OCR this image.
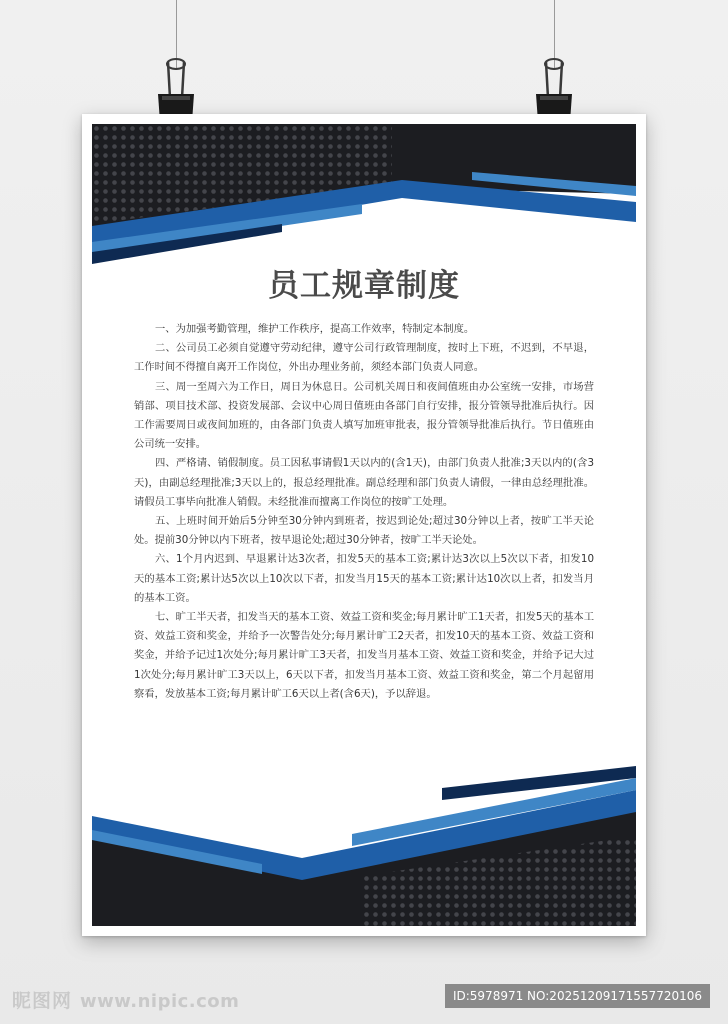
员工规章制度

一、为加强考勤管理，维护工作秩序，提高工作效率，特制定本制度。

二、公司员工必须自觉遵守劳动纪律，遵守公司行政管理制度，按时上下班，不迟到，不早退，工作时间不得擅自离开工作岗位，外出办理业务前，须经本部门负责人同意。

三、周一至周六为工作日，周日为休息日。公司机关周日和夜间值班由办公室统一安排，市场营销部、项目技术部、投资发展部、会议中心周日值班由各部门自行安排，报分管领导批准后执行。因工作需要周日或夜间加班的，由各部门负责人填写加班审批表，报分管领导批准后执行。节日值班由公司统一安排。

四、严格请、销假制度。员工因私事请假1天以内的(含1天)，由部门负责人批准;3天以内的(含3天)，由副总经理批准;3天以上的，报总经理批准。副总经理和部门负责人请假，一律由总经理批准。请假员工事毕向批准人销假。未经批准而擅离工作岗位的按旷工处理。

五、上班时间开始后5分钟至30分钟内到班者，按迟到论处;超过30分钟以上者，按旷工半天论处。提前30分钟以内下班者，按早退论处;超过30分钟者，按旷工半天论处。

六、1个月内迟到、早退累计达3次者，扣发5天的基本工资;累计达3次以上5次以下者，扣发10天的基本工资;累计达5次以上10次以下者，扣发当月15天的基本工资;累计达10次以上者，扣发当月的基本工资。

七、旷工半天者，扣发当天的基本工资、效益工资和奖金;每月累计旷工1天者，扣发5天的基本工资、效益工资和奖金，并给予一次警告处分;每月累计旷工2天者，扣发10天的基本工资、效益工资和奖金，并给予记过1次处分;每月累计旷工3天者，扣发当月基本工资、效益工资和奖金，并给予记大过1次处分;每月累计旷工3天以上，6天以下者，扣发当月基本工资、效益工资和奖金，第二个月起留用察看，发放基本工资;每月累计旷工6天以上者(含6天)，予以辞退。

昵图网 www.nipic.com	ID:5978971 NO:20251209171557720106
